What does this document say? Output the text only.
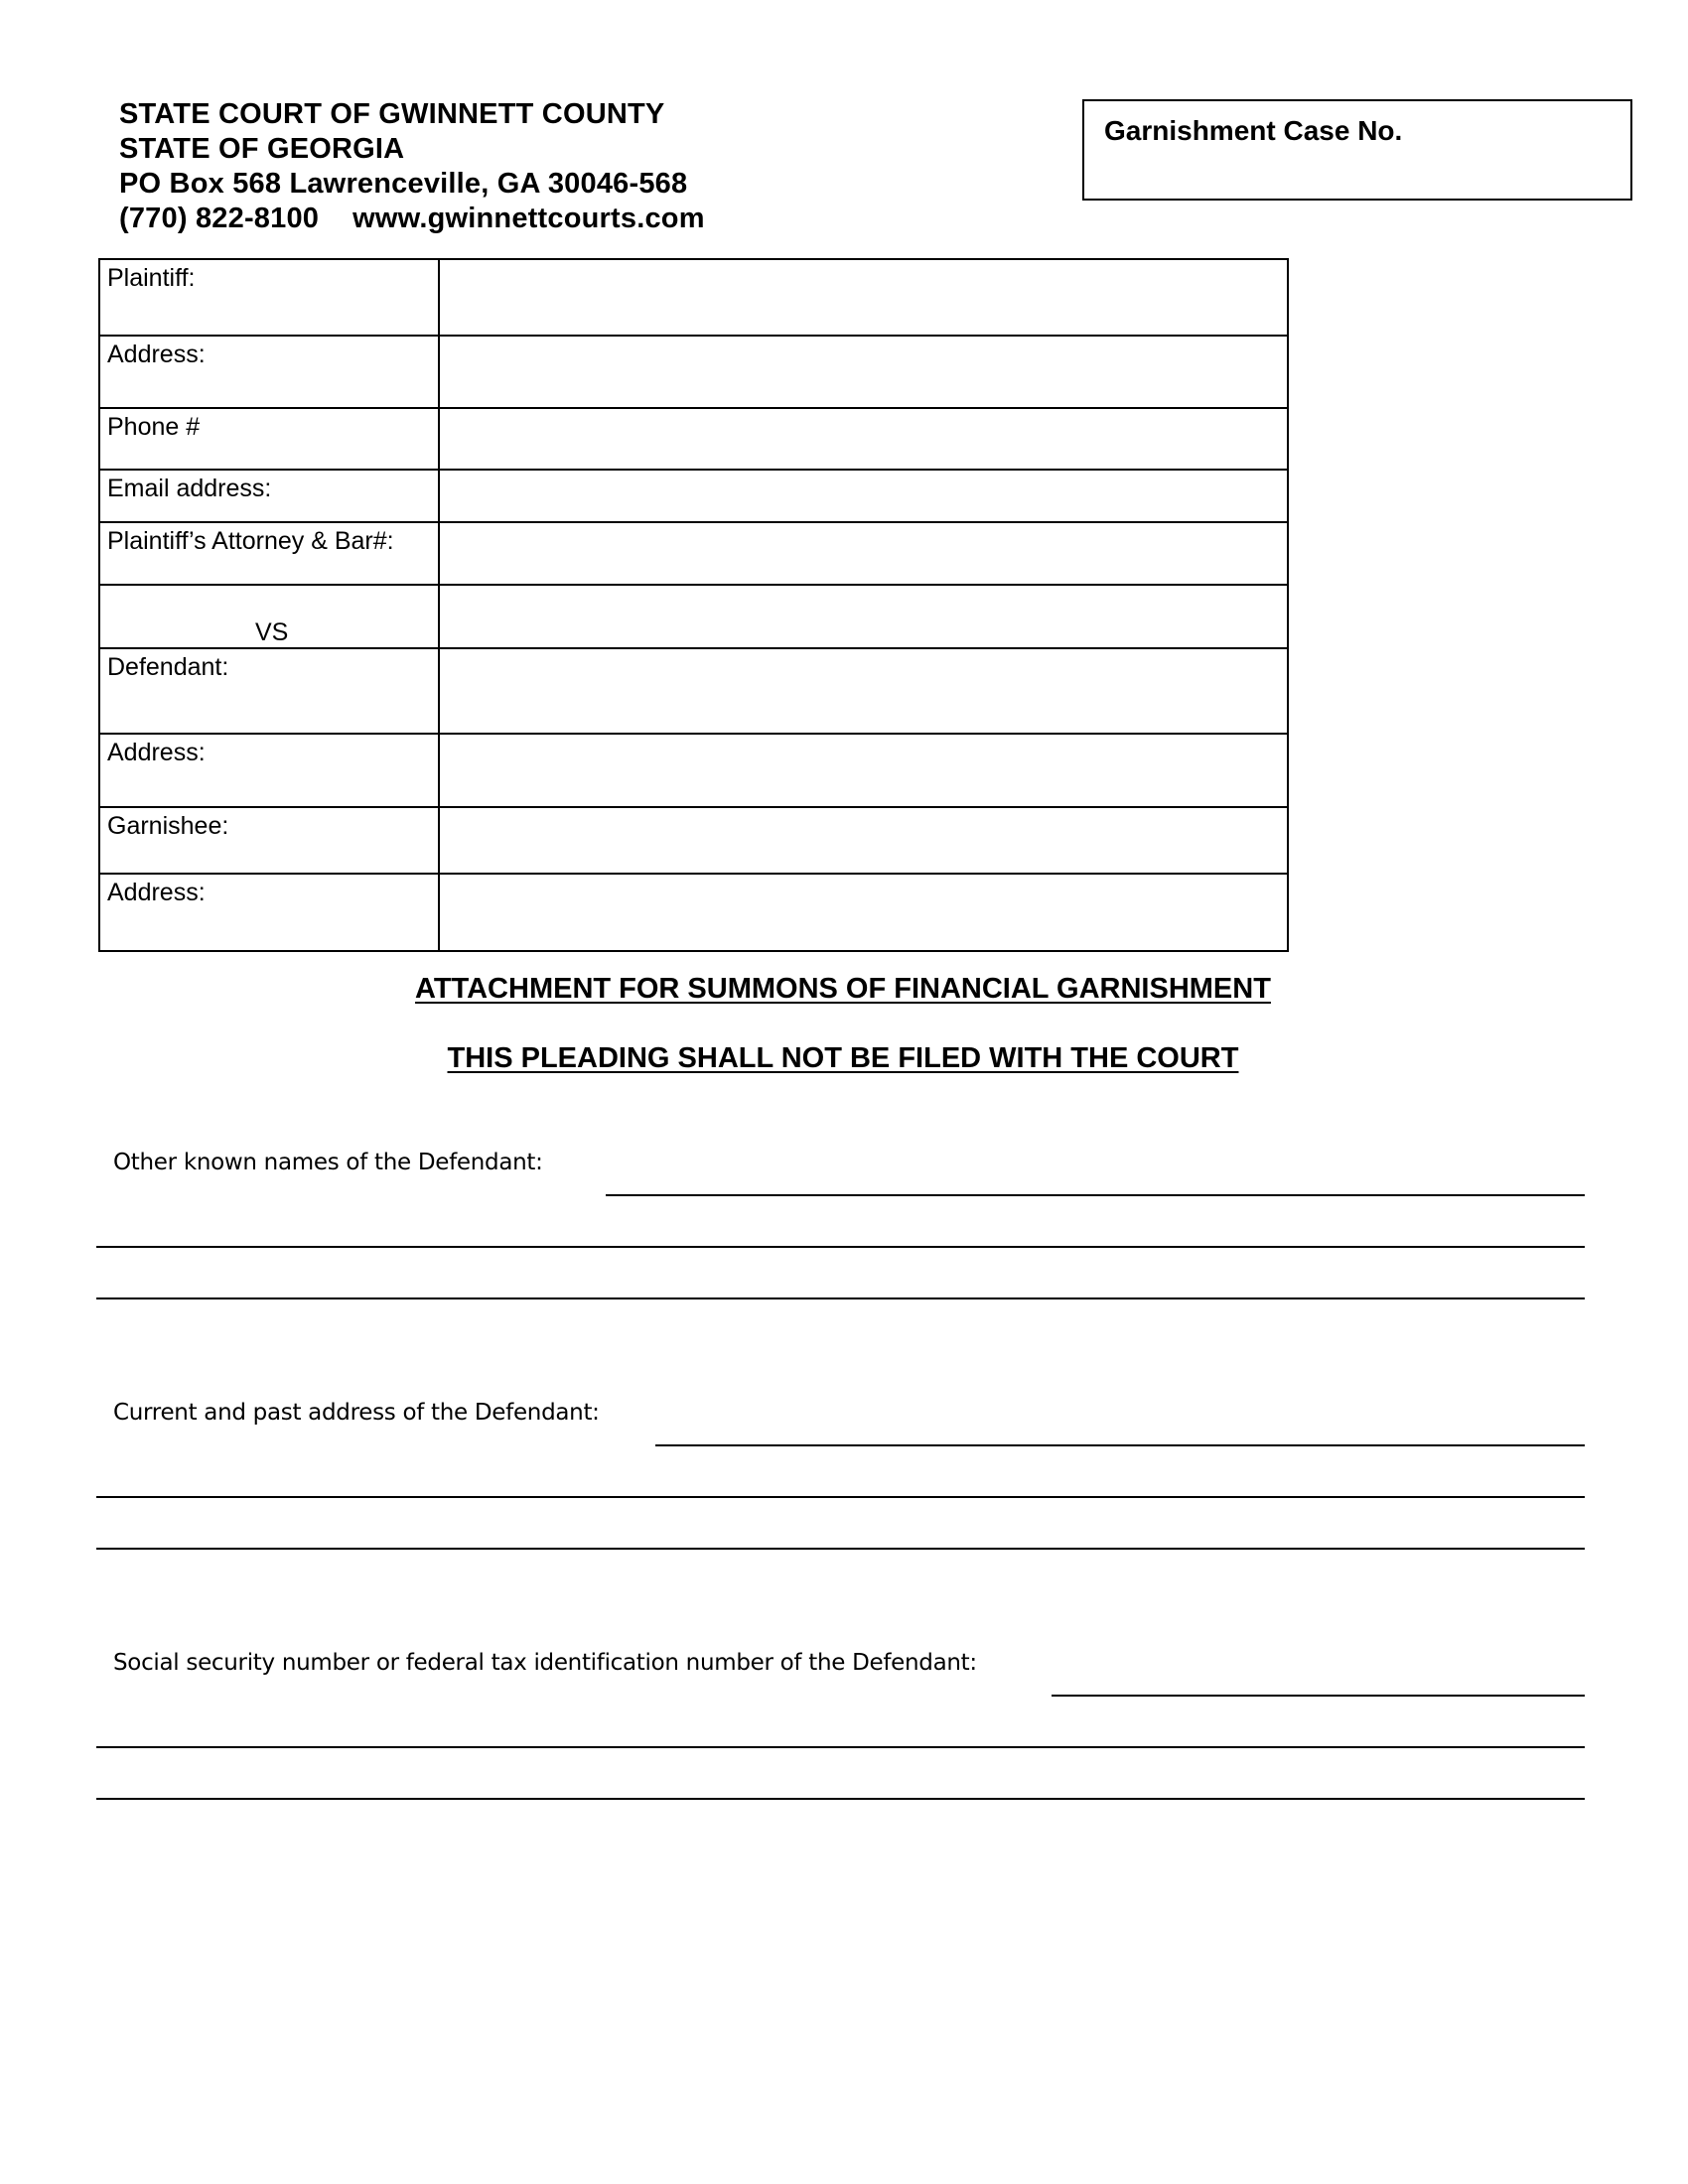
STATE COURT OF GWINNETT COUNTY
STATE OF GEORGIA
PO Box 568 Lawrenceville, GA 30046-568
(770) 822-8100 www.gwinnettcourts.com
Garnishment Case No.
Plaintiff:	
Address:	
Phone #	
Email address:	
Plaintiff’s Attorney & Bar#:	

VS	

Defendant:	
Address:	
Garnishee:	
Address:	
ATTACHMENT FOR SUMMONS OF FINANCIAL GARNISHMENT
THIS PLEADING SHALL NOT BE FILED WITH THE COURT
Other known names of the Defendant:
Current and past address of the Defendant:
Social security number or federal tax identification number of the Defendant:
